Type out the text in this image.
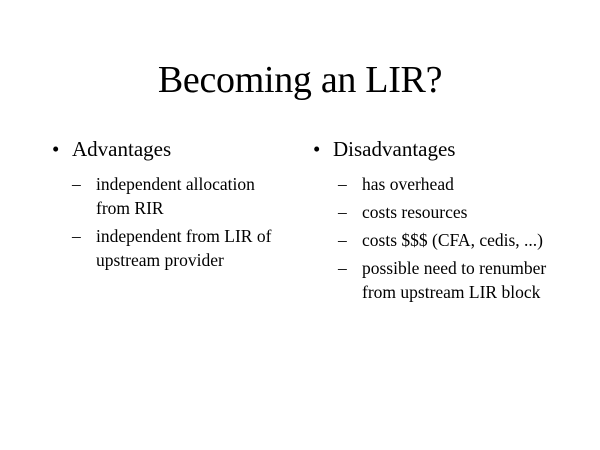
Becoming an LIR?
• Advantages
– independent allocation from RIR
– independent from LIR of upstream provider
• Disadvantages
– has overhead
– costs resources
– costs $$$ (CFA, cedis, ...)
– possible need to renumber from upstream LIR block
